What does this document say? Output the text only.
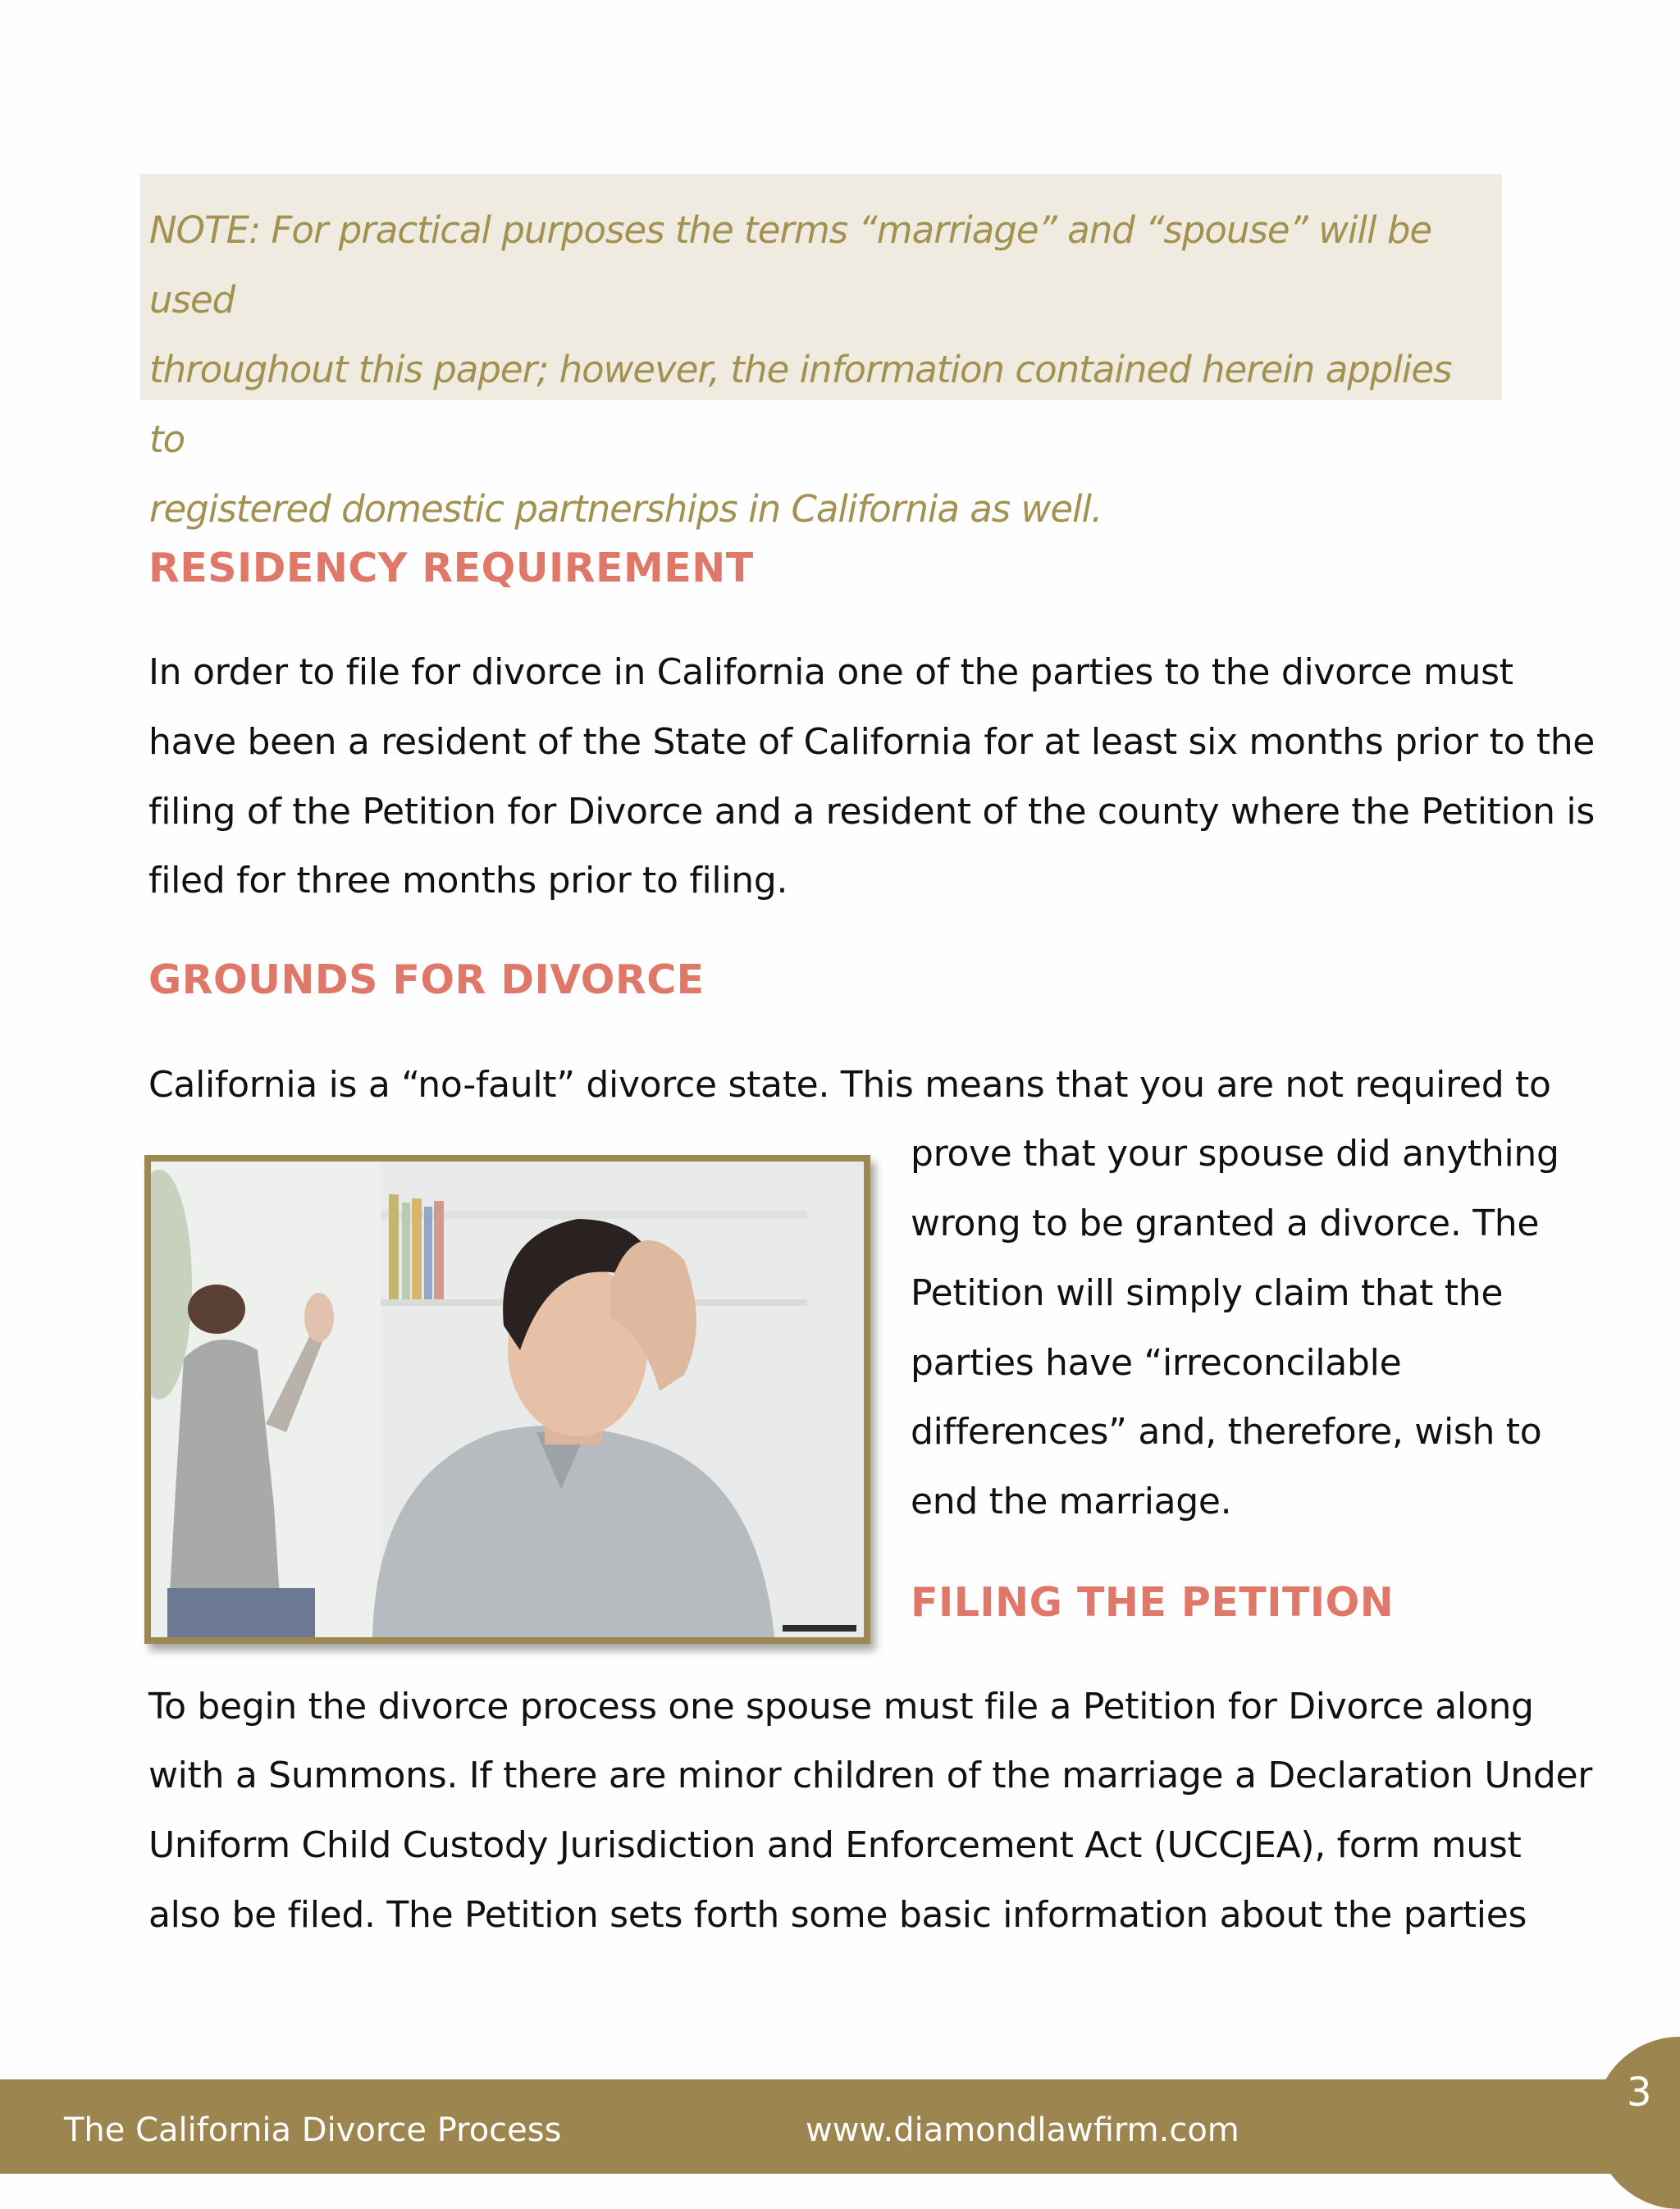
NOTE: For practical purposes the terms “marriage” and “spouse” will be used

throughout this paper; however, the information contained herein applies to

registered domestic partnerships in California as well.

RESIDENCY REQUIREMENT

In order to file for divorce in California one of the parties to the divorce must

have been a resident of the State of California for at least six months prior to the

filing of the Petition for Divorce and a resident of the county where the Petition is

filed for three months prior to filing.

GROUNDS FOR DIVORCE

California is a “no-fault” divorce state. This means that you are not required to

prove that your spouse did anything

wrong to be granted a divorce. The

Petition will simply claim that the

parties have “irreconcilable

differences” and, therefore, wish to

end the marriage.

FILING THE PETITION

To begin the divorce process one spouse must file a Petition for Divorce along

with a Summons. If there are minor children of the marriage a Declaration Under

Uniform Child Custody Jurisdiction and Enforcement Act (UCCJEA), form must

also be filed. The Petition sets forth some basic information about the parties

The California Divorce Process	www.diamondlawfirm.com
3
